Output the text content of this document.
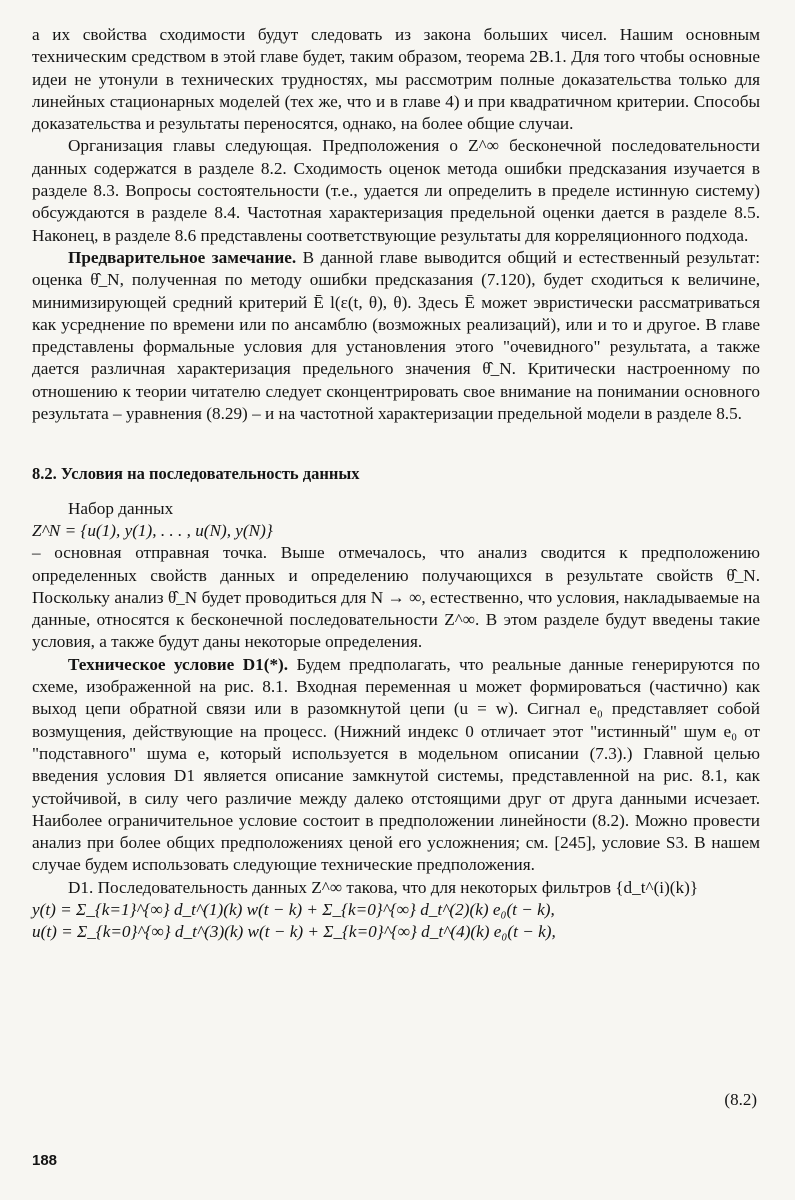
а их свойства сходимости будут следовать из закона больших чисел. Нашим основным техническим средством в этой главе будет, таким образом, теорема 2В.1. Для того чтобы основные идеи не утонули в технических трудностях, мы рассмотрим полные доказательства только для линейных стационарных моделей (тех же, что и в главе 4) и при квадратичном критерии. Способы доказательства и результаты переносятся, однако, на более общие случаи.

Организация главы следующая. Предположения о Z^∞ бесконечной последовательности данных содержатся в разделе 8.2. Сходимость оценок метода ошибки предсказания изучается в разделе 8.3. Вопросы состоятельности (т.е., удается ли определить в пределе истинную систему) обсуждаются в разделе 8.4. Частотная характеризация предельной оценки дается в разделе 8.5. Наконец, в разделе 8.6 представлены соответствующие результаты для корреляционного подхода.

Предварительное замечание. В данной главе выводится общий и естественный результат: оценка θ̂_N, полученная по методу ошибки предсказания (7.120), будет сходиться к величине, минимизирующей средний критерий Ē l(ε(t, θ), θ). Здесь Ē может эвристически рассматриваться как усреднение по времени или по ансамблю (возможных реализаций), или и то и другое. В главе представлены формальные условия для установления этого "очевидного" результата, а также дается различная характеризация предельного значения θ̂_N. Критически настроенному по отношению к теории читателю следует сконцентрировать свое внимание на понимании основного результата – уравнения (8.29) – и на частотной характеризации предельной модели в разделе 8.5.

8.2. Условия на последовательность данных

Набор данных

Z^N = {u(1), y(1), . . . , u(N), y(N)}

– основная отправная точка. Выше отмечалось, что анализ сводится к предположению определенных свойств данных и определению получающихся в результате свойств θ̂_N. Поскольку анализ θ̂_N будет проводиться для N → ∞, естественно, что условия, накладываемые на данные, относятся к бесконечной последовательности Z^∞. В этом разделе будут введены такие условия, а также будут даны некоторые определения.

Техническое условие D1(*). Будем предполагать, что реальные данные генерируются по схеме, изображенной на рис. 8.1. Входная переменная u может формироваться (частично) как выход цепи обратной связи или в разомкнутой цепи (u = w). Сигнал e₀ представляет собой возмущения, действующие на процесс. (Нижний индекс 0 отличает этот "истинный" шум e₀ от "подставного" шума e, который используется в модельном описании (7.3).) Главной целью введения условия D1 является описание замкнутой системы, представленной на рис. 8.1, как устойчивой, в силу чего различие между далеко отстоящими друг от друга данными исчезает. Наиболее ограничительное условие состоит в предположении линейности (8.2). Можно провести анализ при более общих предположениях ценой его усложнения; см. [245], условие S3. В нашем случае будем использовать следующие технические предположения.

D1. Последовательность данных Z^∞ такова, что для некоторых фильтров {d_t^(i)(k)}

y(t) = Σ_{k=1}^{∞} d_t^(1)(k) w(t − k) + Σ_{k=0}^{∞} d_t^(2)(k) e₀(t − k),

u(t) = Σ_{k=0}^{∞} d_t^(3)(k) w(t − k) + Σ_{k=0}^{∞} d_t^(4)(k) e₀(t − k),

(8.2)
188
